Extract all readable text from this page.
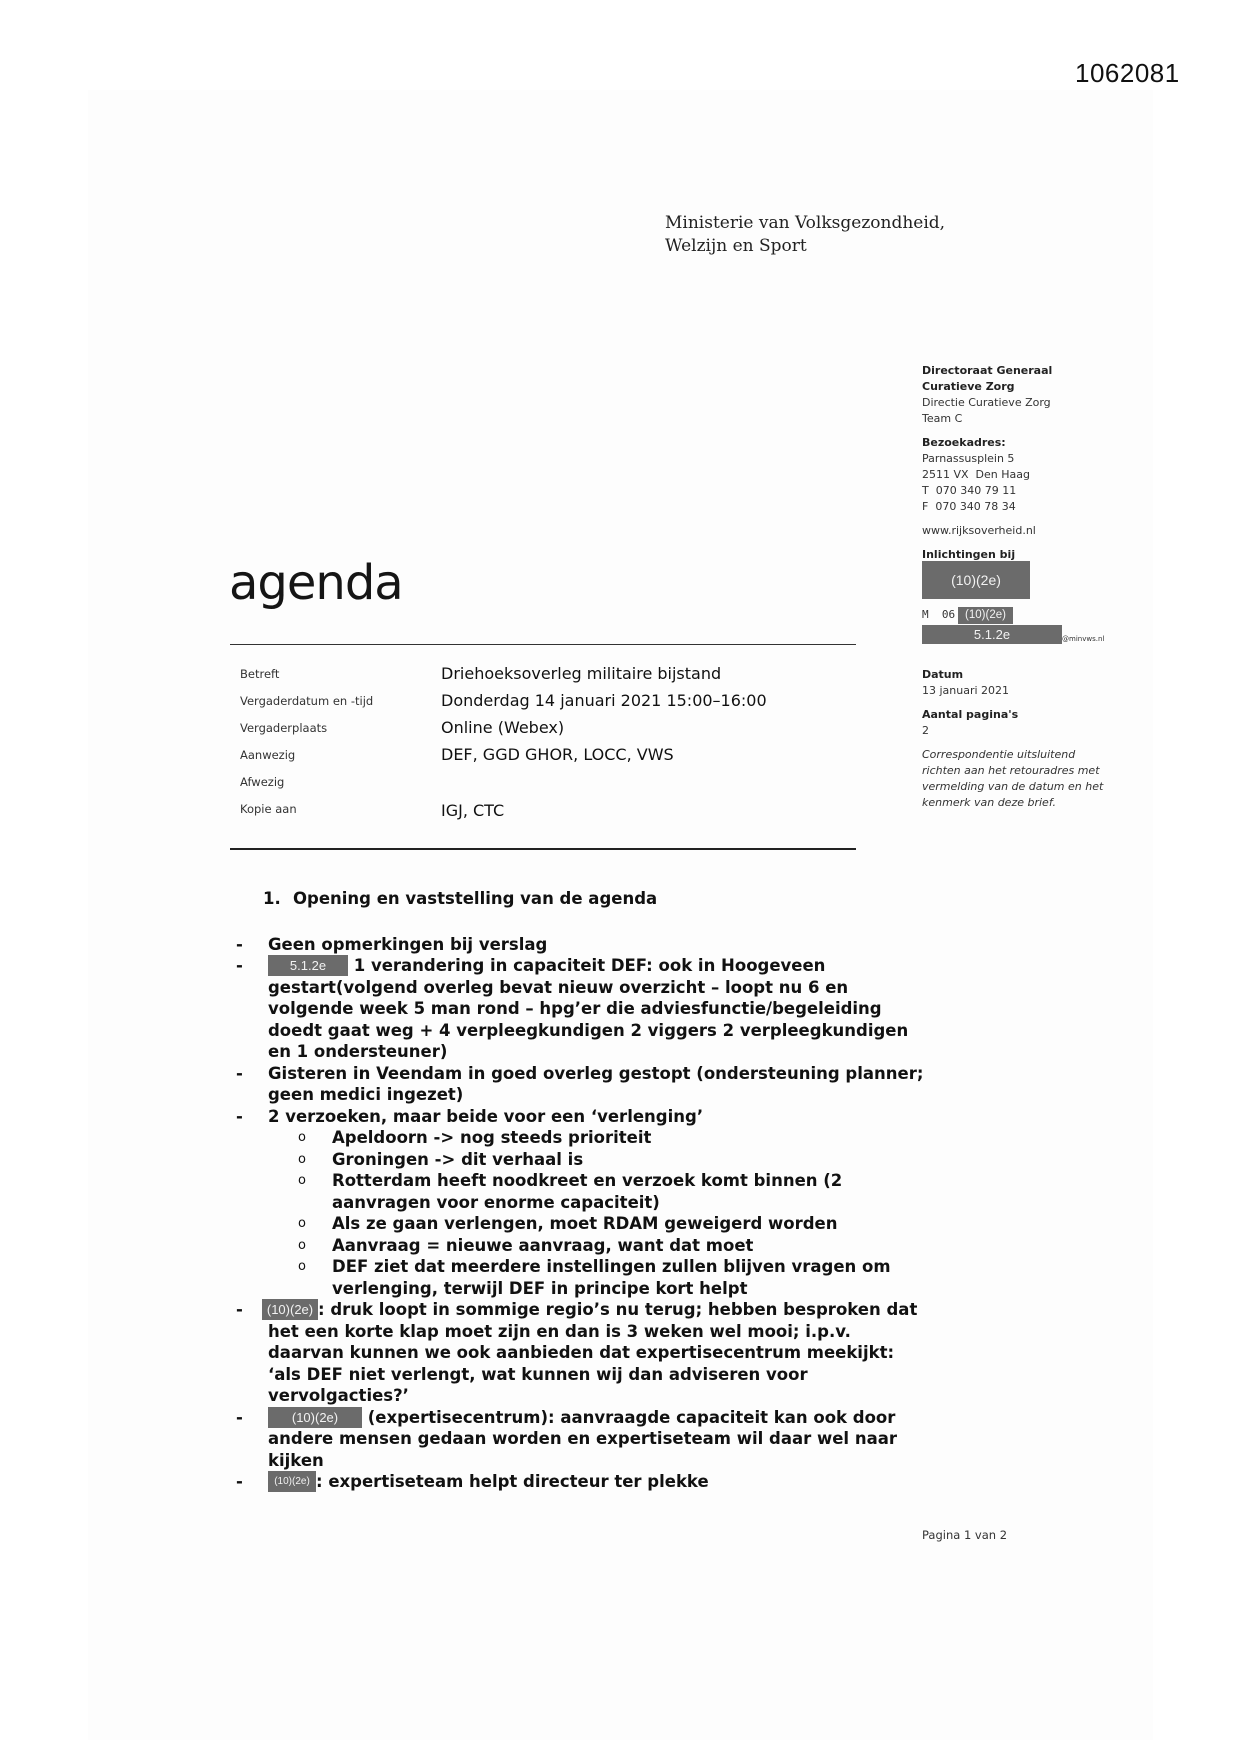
1062081
Ministerie van Volksgezondheid,
Welzijn en Sport
Directoraat Generaal
Curatieve Zorg
Directie Curatieve Zorg
Team C
Bezoekadres:
Parnassusplein 5
2511 VX  Den Haag
T  070 340 79 11
F  070 340 78 34
www.rijksoverheid.nl
Inlichtingen bij
(10)(2e)
M  06 (10)(2e)
5.1.2e	@minvws.nl
Datum
13 januari 2021
Aantal pagina's
2
Correspondentie uitsluitend
richten aan het retouradres met
vermelding van de datum en het
kenmerk van deze brief.
agenda
Betreft	Driehoeksoverleg militaire bijstand
Vergaderdatum en -tijd	Donderdag 14 januari 2021 15:00–16:00
Vergaderplaats	Online (Webex)
Aanwezig	DEF, GGD GHOR, LOCC, VWS
Afwezig
Kopie aan	IGJ, CTC
1. Opening en vaststelling van de agenda
- Geen opmerkingen bij verslag
-	5.1.2e 1 verandering in capaciteit DEF: ook in Hoogeveen
gestart(volgend overleg bevat nieuw overzicht – loopt nu 6 en
volgende week 5 man rond – hpg’er die adviesfunctie/begeleiding
doedt gaat weg + 4 verpleegkundigen 2 viggers 2 verpleegkundigen
en 1 ondersteuner)
- Gisteren in Veendam in goed overleg gestopt (ondersteuning planner;
geen medici ingezet)
- 2 verzoeken, maar beide voor een ‘verlenging’
o Apeldoorn -> nog steeds prioriteit
o Groningen -> dit verhaal is
o Rotterdam heeft noodkreet en verzoek komt binnen (2
aanvragen voor enorme capaciteit)
o Als ze gaan verlengen, moet RDAM geweigerd worden
o Aanvraag = nieuwe aanvraag, want dat moet
o DEF ziet dat meerdere instellingen zullen blijven vragen om
verlenging, terwijl DEF in principe kort helpt
-	(10)(2e) : druk loopt in sommige regio’s nu terug; hebben besproken dat
het een korte klap moet zijn en dan is 3 weken wel mooi; i.p.v.
daarvan kunnen we ook aanbieden dat expertisecentrum meekijkt:
‘als DEF niet verlengt, wat kunnen wij dan adviseren voor
vervolgacties?’
-	(10)(2e) (expertisecentrum): aanvraagde capaciteit kan ook door
andere mensen gedaan worden en expertiseteam wil daar wel naar
kijken
-	(10)(2e) : expertiseteam helpt directeur ter plekke
Pagina 1 van 2
